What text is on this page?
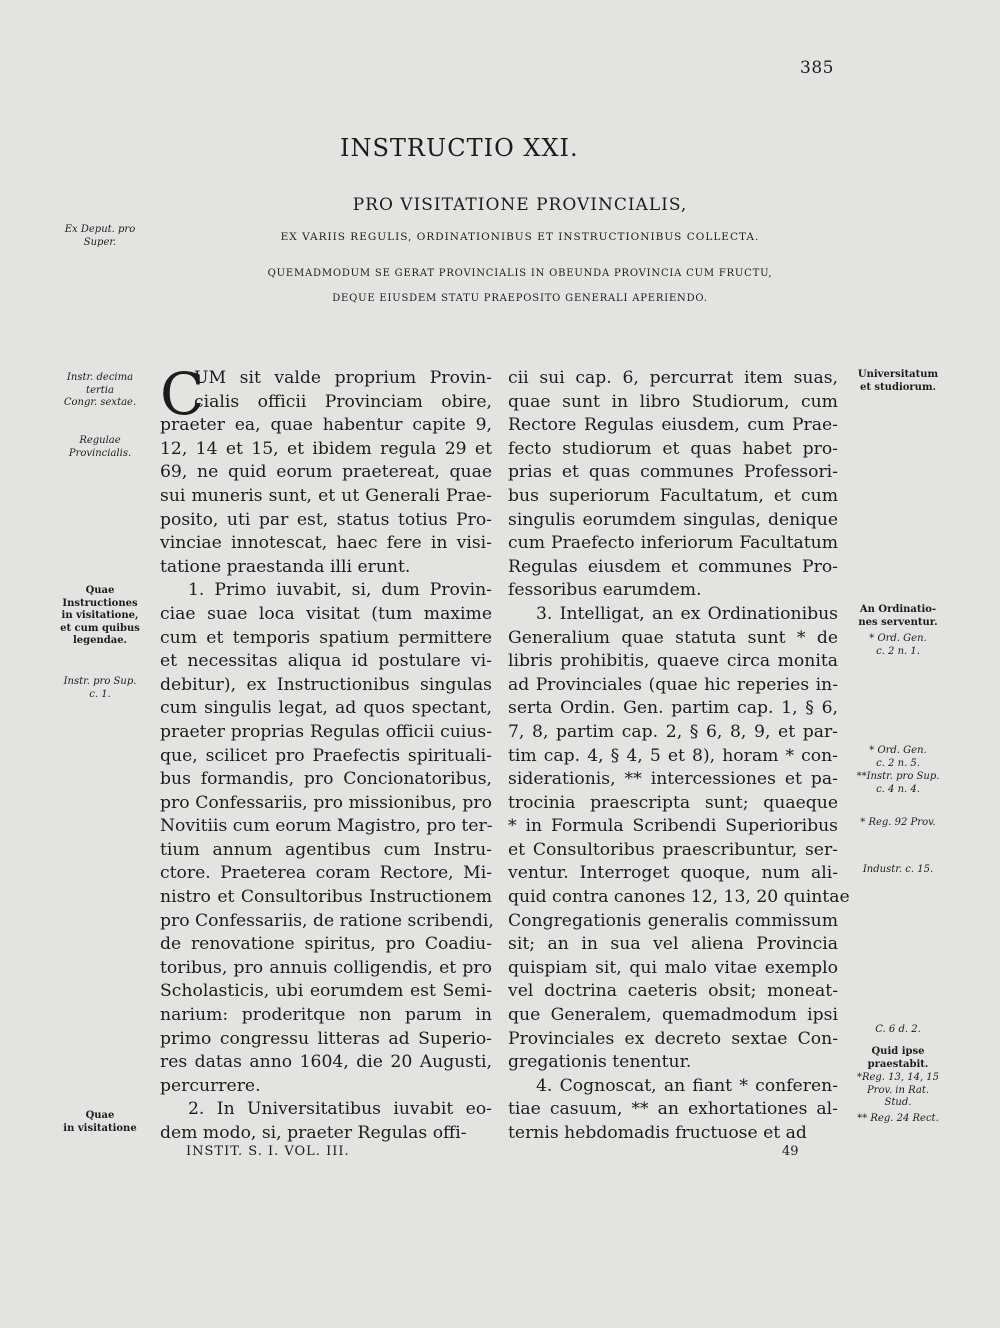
385
INSTRUCTIO XXI.
PRO VISITATIONE PROVINCIALIS,
EX VARIIS REGULIS, ORDINATIONIBUS ET INSTRUCTIONIBUS COLLECTA.
QUEMADMODUM SE GERAT PROVINCIALIS IN OBEUNDA PROVINCIA CUM FRUCTU,
DEQUE EIUSDEM STATU PRAEPOSITO GENERALI APERIENDO.
C
UM sit valde proprium Provin-
cialis officii Provinciam obire,
praeter ea, quae habentur capite 9,
12, 14 et 15, et ibidem regula 29 et
69, ne quid eorum praetereat, quae
sui muneris sunt, et ut Generali Prae-
posito, uti par est, status totius Pro-
vinciae innotescat, haec fere in visi-
tatione praestanda illi erunt.
1. Primo iuvabit, si, dum Provin-
ciae suae loca visitat (tum maxime
cum et temporis spatium permittere
et necessitas aliqua id postulare vi-
debitur), ex Instructionibus singulas
cum singulis legat, ad quos spectant,
praeter proprias Regulas officii cuius-
que, scilicet pro Praefectis spirituali-
bus formandis, pro Concionatoribus,
pro Confessariis, pro missionibus, pro
Novitiis cum eorum Magistro, pro ter-
tium annum agentibus cum Instru-
ctore. Praeterea coram Rectore, Mi-
nistro et Consultoribus Instructionem
pro Confessariis, de ratione scribendi,
de renovatione spiritus, pro Coadiu-
toribus, pro annuis colligendis, et pro
Scholasticis, ubi eorumdem est Semi-
narium: proderitque non parum in
primo congressu litteras ad Superio-
res datas anno 1604, die 20 Augusti,
percurrere.
2. In Universitatibus iuvabit eo-
dem modo, si, praeter Regulas offi-
cii sui cap. 6, percurrat item suas,
quae sunt in libro Studiorum, cum
Rectore Regulas eiusdem, cum Prae-
fecto studiorum et quas habet pro-
prias et quas communes Professori-
bus superiorum Facultatum, et cum
singulis eorumdem singulas, denique
cum Praefecto inferiorum Facultatum
Regulas eiusdem et communes Pro-
fessoribus earumdem.
3. Intelligat, an ex Ordinationibus
Generalium quae statuta sunt * de
libris prohibitis, quaeve circa monita
ad Provinciales (quae hic reperies in-
serta Ordin. Gen. partim cap. 1, § 6,
7, 8, partim cap. 2, § 6, 8, 9, et par-
tim cap. 4, § 4, 5 et 8), horam * con-
siderationis, ** intercessiones et pa-
trocinia praescripta sunt; quaeque
* in Formula Scribendi Superioribus
et Consultoribus praescribuntur, ser-
ventur. Interroget quoque, num ali-
quid contra canones 12, 13, 20 quintae
Congregationis generalis commissum
sit; an in sua vel aliena Provincia
quispiam sit, qui malo vitae exemplo
vel doctrina caeteris obsit; moneat-
que Generalem, quemadmodum ipsi
Provinciales ex decreto sextae Con-
gregationis tenentur.
4. Cognoscat, an fiant * conferen-
tiae casuum, ** an exhortationes al-
ternis hebdomadis fructuose et ad
Ex Deput. pro
Super.
Instr. decima
tertia
Congr. sextae.
Regulae
Provincialis.
Quae
Instructiones
in visitatione,
et cum quibus
legendae.
Instr. pro Sup.
c. 1.
Quae
in visitatione
Universitatum
et studiorum.
An Ordinatio-
nes serventur.
* Ord. Gen.
c. 2 n. 1.
* Ord. Gen.
c. 2 n. 5.
**Instr. pro Sup.
c. 4 n. 4.
* Reg. 92 Prov.
Industr. c. 15.
C. 6 d. 2.
Quid ipse
praestabit.
*Reg. 13, 14, 15
Prov. in Rat.
Stud.
** Reg. 24 Rect.
INSTIT. S. I. VOL. III.	49
